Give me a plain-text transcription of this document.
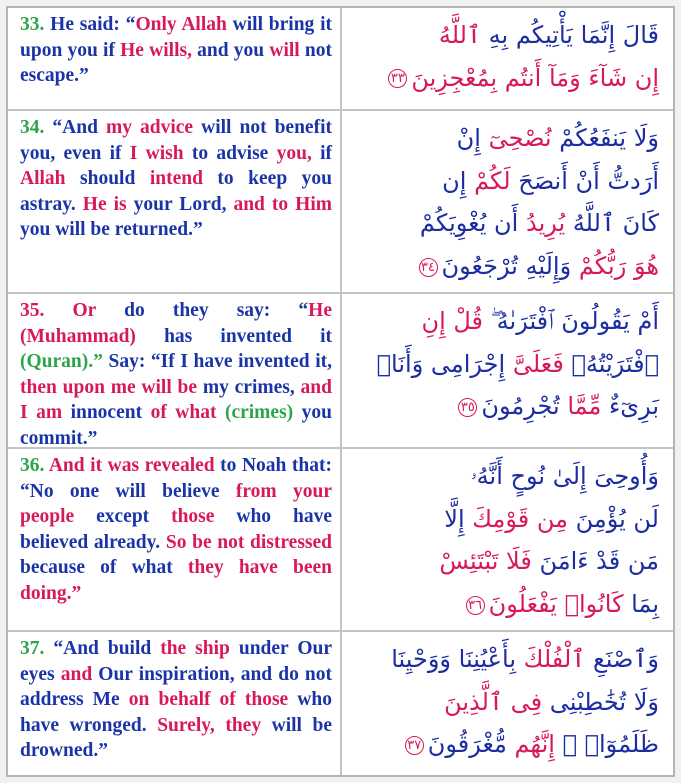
33. He said: “Only Allah will bring it upon you if He wills, and you will not escape.”
قَالَ إِنَّمَا يَأْتِيكُم بِهِ ٱللَّهُ
إِن شَآءَ وَمَآ أَنتُم بِمُعْجِزِينَ٣٣
34. “And my advice will not benefit you, even if I wish to advise you, if Allah should intend to keep you astray. He is your Lord, and to Him you will be returned.”
وَلَا يَنفَعُكُمْ نُصْحِىٓ إِنْ
أَرَدتُّ أَنْ أَنصَحَ لَكُمْ إِن
كَانَ ٱللَّهُ يُرِيدُ أَن يُغْوِيَكُمْ
هُوَ رَبُّكُمْ وَإِلَيْهِ تُرْجَعُونَ٣٤
35. Or do they say: “He (Muhammad) has invented it (Quran).” Say: “If I have invented it, then upon me will be my crimes, and I am innocent of what (crimes) you commit.”
أَمْ يَقُولُونَ ٱفْتَرَىٰهُ ۖ قُلْ إِنِ
ٱفْتَرَيْتُهُۥ فَعَلَىَّ إِجْرَامِى وَأَنَا۠
بَرِىٓءٌ مِّمَّا تُجْرِمُونَ٣٥
36. And it was revealed to Noah that: “No one will believe from your people except those who have believed already. So be not distressed because of what they have been doing.”
وَأُوحِىَ إِلَىٰ نُوحٍ أَنَّهُۥ
لَن يُؤْمِنَ مِن قَوْمِكَ إِلَّا
مَن قَدْ ءَامَنَ فَلَا تَبْتَئِسْ
بِمَا كَانُوا۟ يَفْعَلُونَ٣٦
37. “And build the ship under Our eyes and Our inspiration, and do not address Me on behalf of those who have wronged. Surely, they will be drowned.”
وَٱصْنَعِ ٱلْفُلْكَ بِأَعْيُنِنَا وَوَحْيِنَا
وَلَا تُخَٰطِبْنِى فِى ٱلَّذِينَ
ظَلَمُوٓا۟ ۚ إِنَّهُم مُّغْرَقُونَ٣٧
